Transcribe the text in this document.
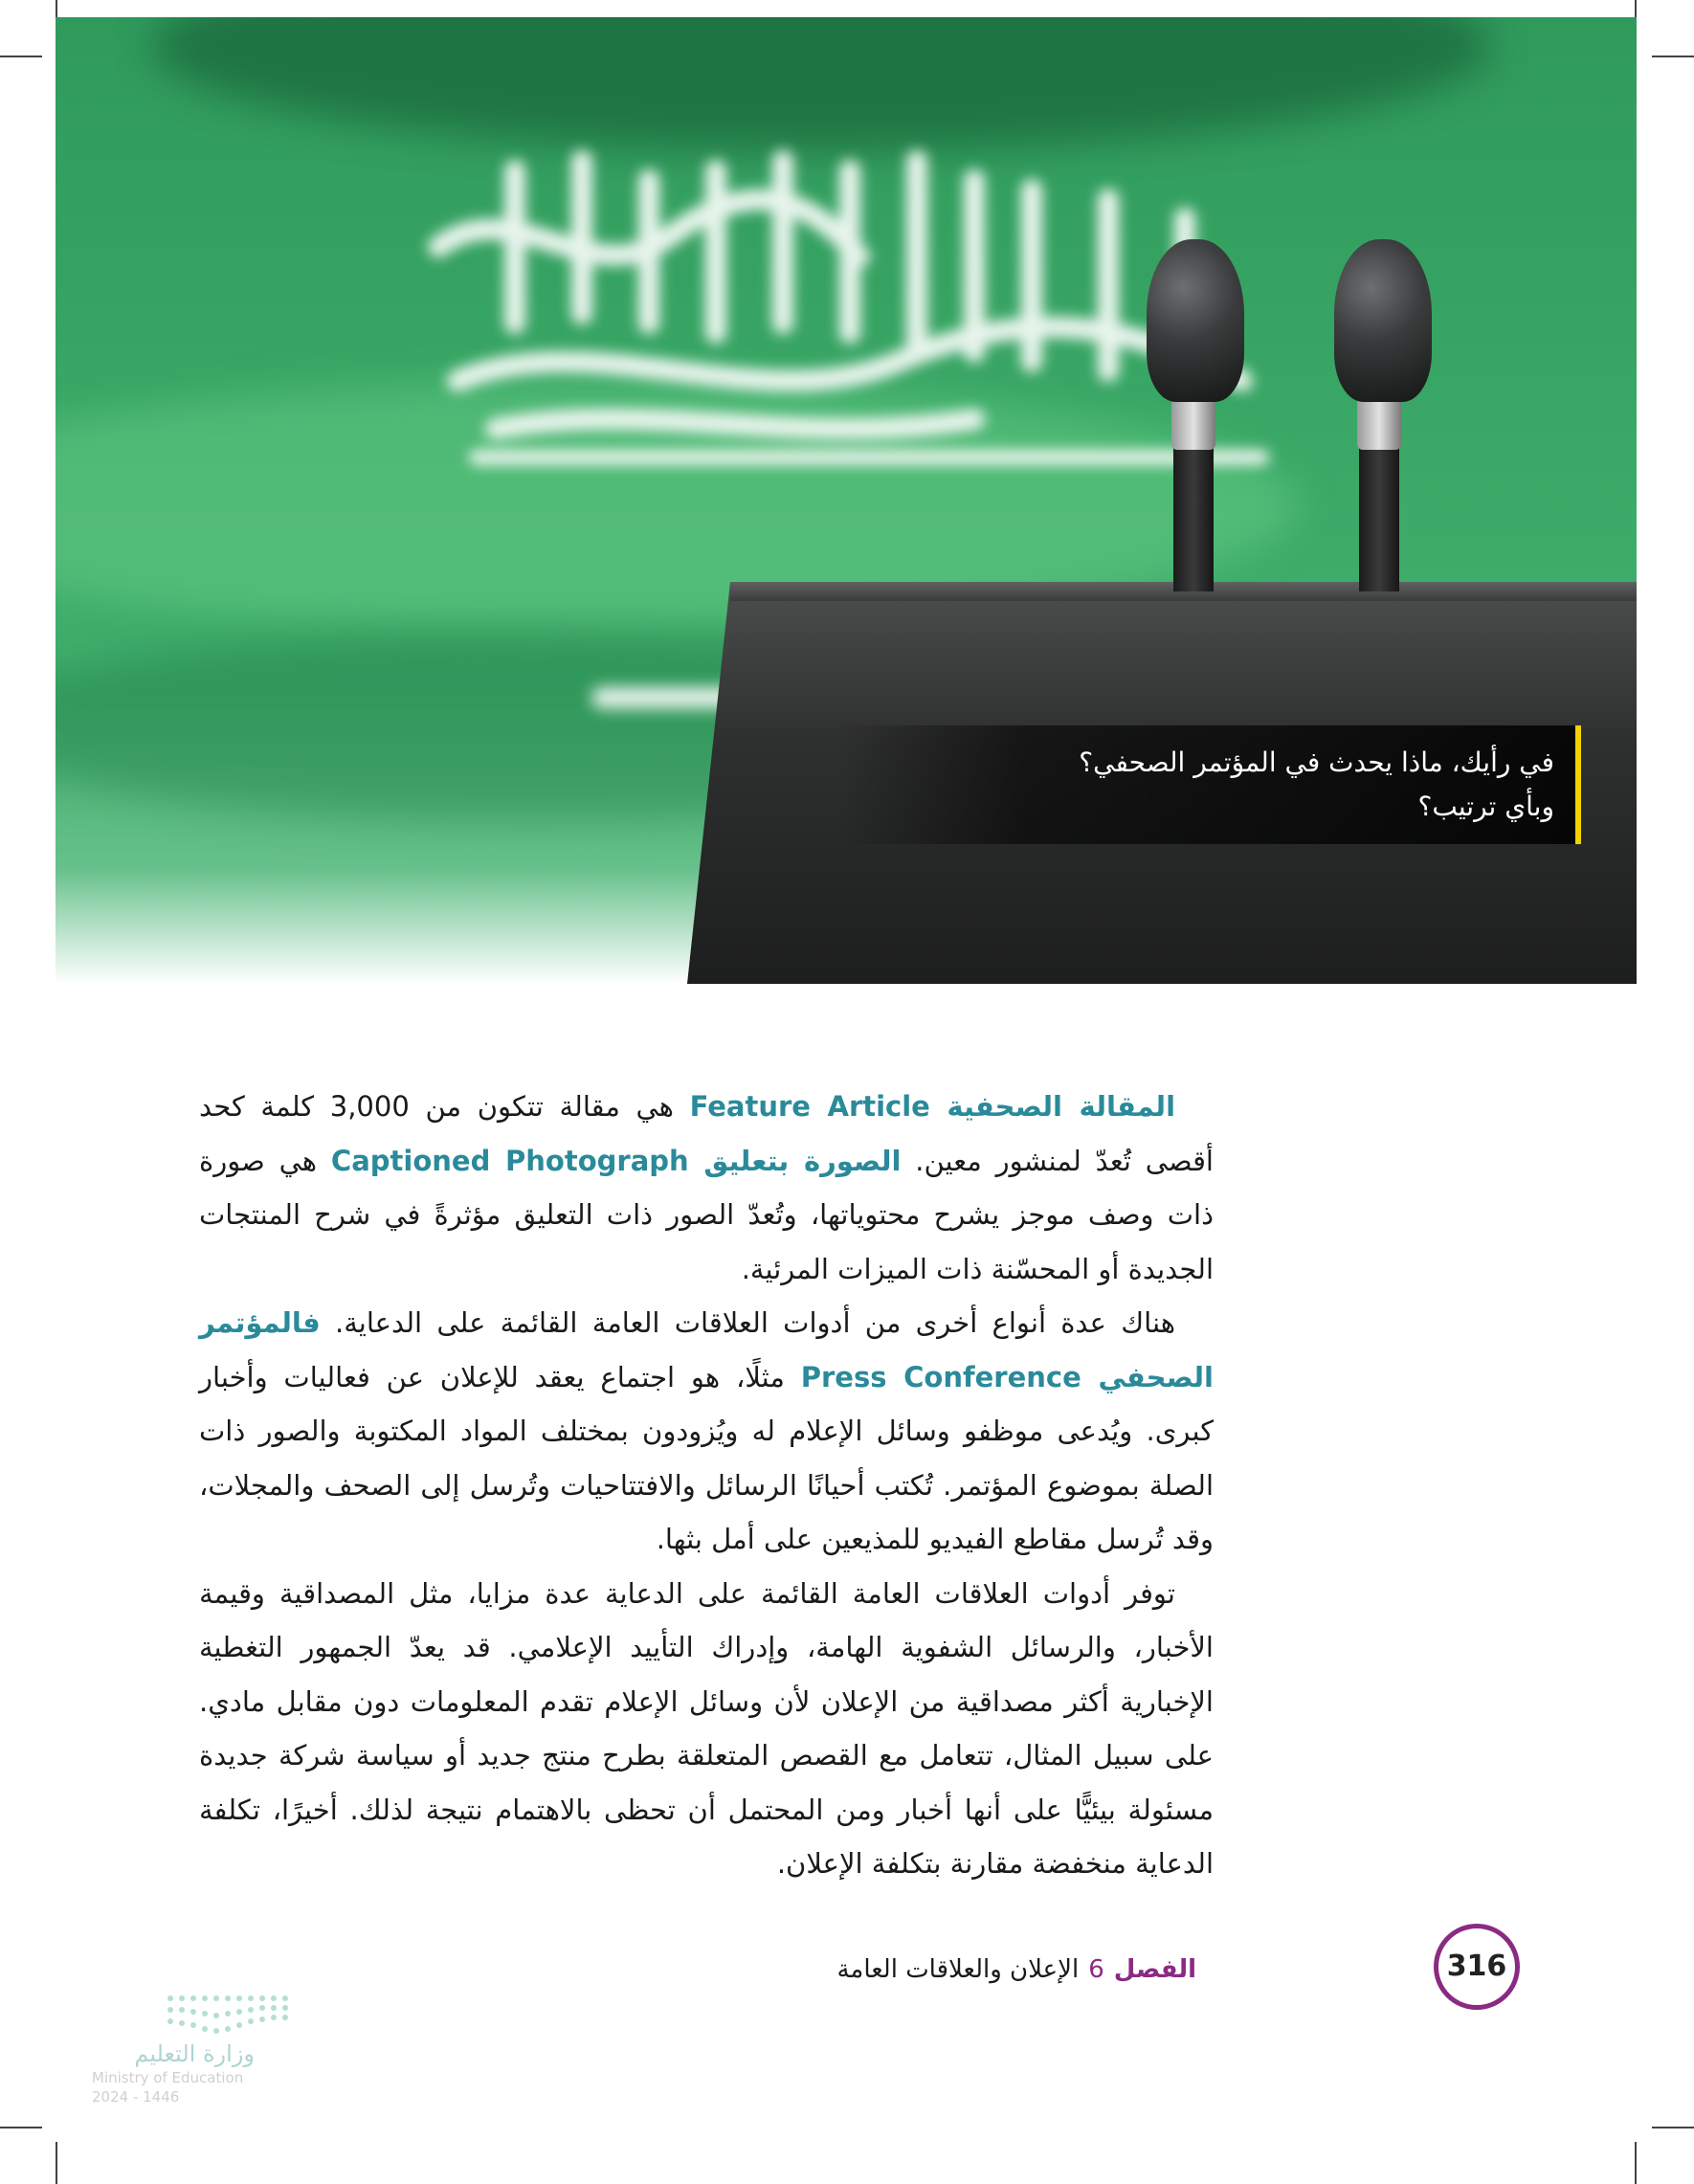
في رأيك، ماذا يحدث في المؤتمر الصحفي؟

وبأي ترتيب؟

المقالة الصحفية Feature Article هي مقالة تتكون من 3,000 كلمة كحد أقصى تُعدّ لمنشور معين. الصورة بتعليق Captioned Photograph هي صورة ذات وصف موجز يشرح محتوياتها، وتُعدّ الصور ذات التعليق مؤثرةً في شرح المنتجات الجديدة أو المحسّنة ذات الميزات المرئية.

هناك عدة أنواع أخرى من أدوات العلاقات العامة القائمة على الدعاية. فالمؤتمر الصحفي Press Conference مثلًا، هو اجتماع يعقد للإعلان عن فعاليات وأخبار كبرى. ويُدعى موظفو وسائل الإعلام له ويُزودون بمختلف المواد المكتوبة والصور ذات الصلة بموضوع المؤتمر. تُكتب أحيانًا الرسائل والافتتاحيات وتُرسل إلى الصحف والمجلات، وقد تُرسل مقاطع الفيديو للمذيعين على أمل بثها.

توفر أدوات العلاقات العامة القائمة على الدعاية عدة مزايا، مثل المصداقية وقيمة الأخبار، والرسائل الشفوية الهامة، وإدراك التأييد الإعلامي. قد يعدّ الجمهور التغطية الإخبارية أكثر مصداقية من الإعلان لأن وسائل الإعلام تقدم المعلومات دون مقابل مادي. على سبيل المثال، تتعامل مع القصص المتعلقة بطرح منتج جديد أو سياسة شركة جديدة مسئولة بيئيًّا على أنها أخبار ومن المحتمل أن تحظى بالاهتمام نتيجة لذلك. أخيرًا، تكلفة الدعاية منخفضة مقارنة بتكلفة الإعلان.

الفصل6الإعلان والعلاقات العامة	316
وزارة التعليم
Ministry of Education
2024 - 1446
